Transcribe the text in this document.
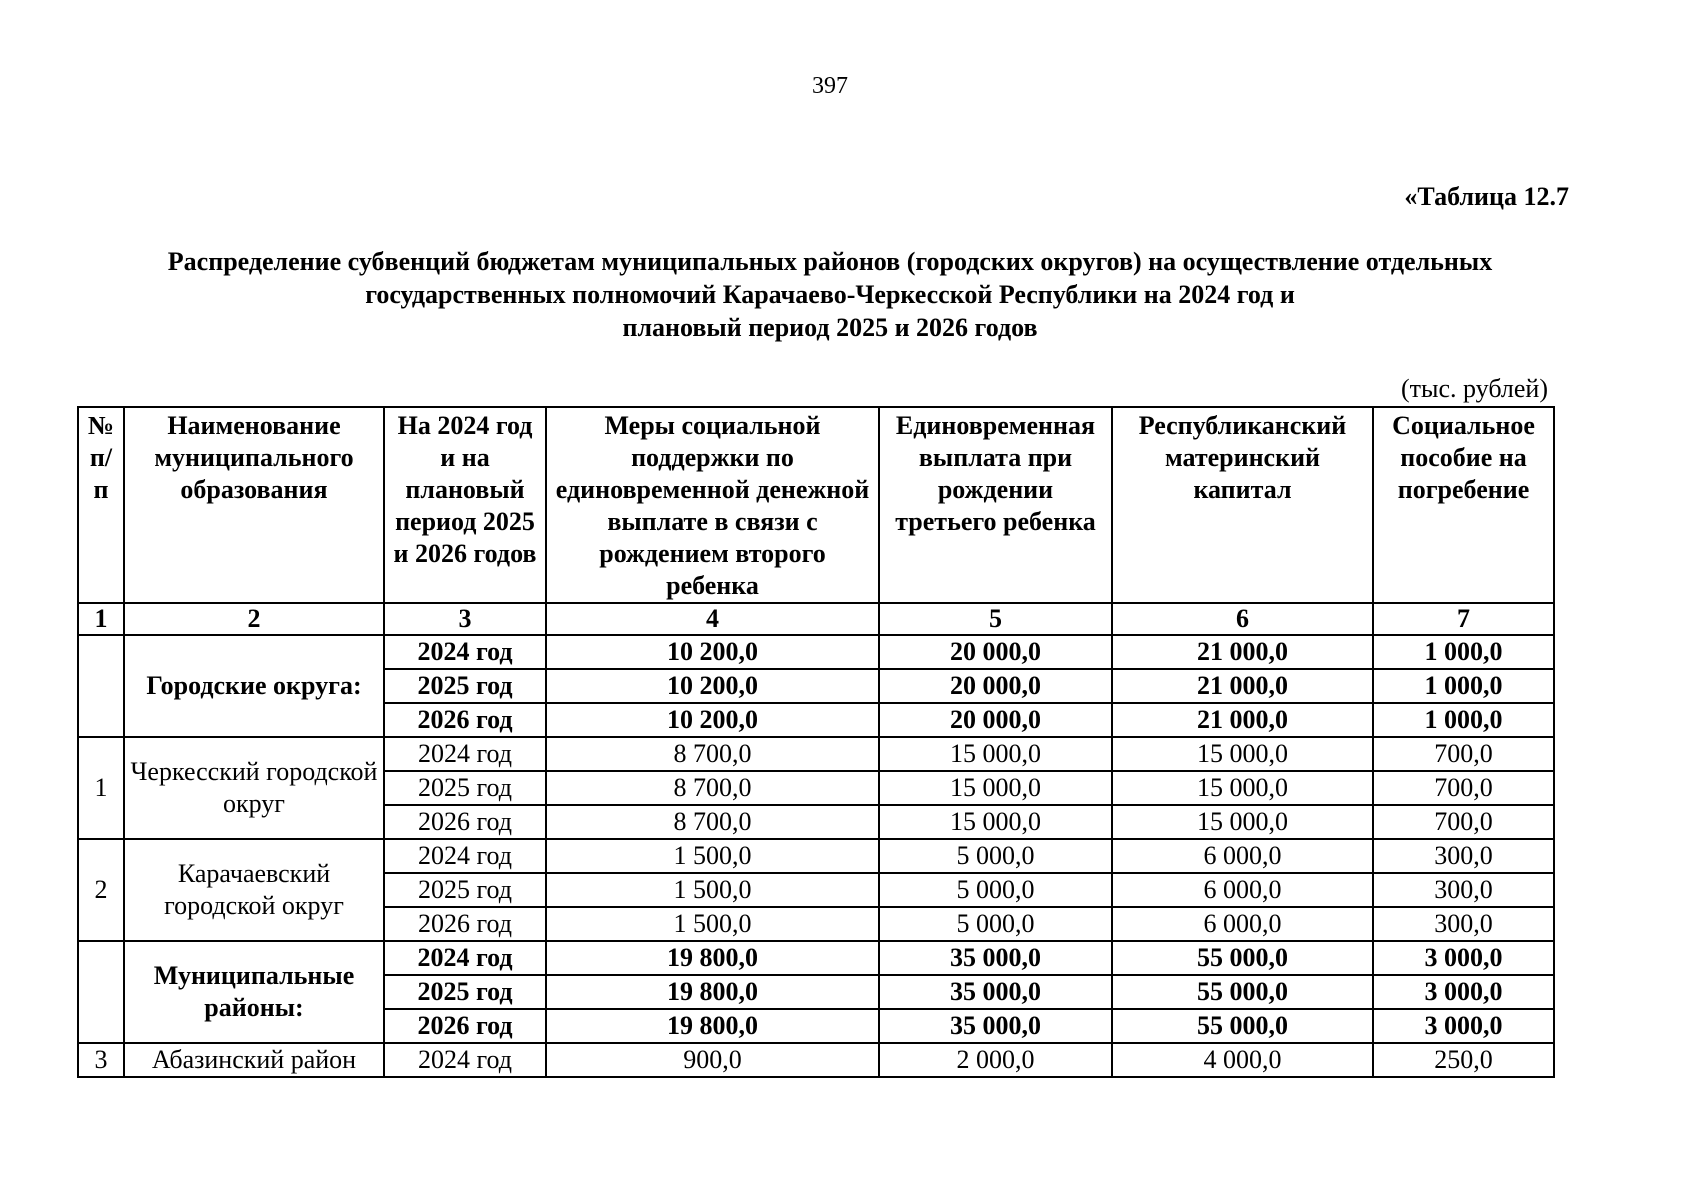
397
«Таблица 12.7
Распределение субвенций бюджетам муниципальных районов (городских округов) на осуществление отдельных
государственных полномочий Карачаево-Черкесской Республики на 2024 год и
плановый период 2025 и 2026 годов
(тыс. рублей)
№ п/п	Наименование муниципального образования	На 2024 год и на плановый период 2025 и 2026 годов	Меры социальной поддержки по единовременной денежной выплате в связи с рождением второго ребенка	Единовременная выплата при рождении третьего ребенка	Республиканский материнский капитал	Социальное пособие на погребение
1	2	3	4	5	6	7
	Городские округа:	2024 год	10 200,0	20 000,0	21 000,0	1 000,0
		2025 год	10 200,0	20 000,0	21 000,0	1 000,0
		2026 год	10 200,0	20 000,0	21 000,0	1 000,0
1	Черкесский городской округ	2024 год	8 700,0	15 000,0	15 000,0	700,0
		2025 год	8 700,0	15 000,0	15 000,0	700,0
		2026 год	8 700,0	15 000,0	15 000,0	700,0
2	Карачаевский городской округ	2024 год	1 500,0	5 000,0	6 000,0	300,0
		2025 год	1 500,0	5 000,0	6 000,0	300,0
		2026 год	1 500,0	5 000,0	6 000,0	300,0
	Муниципальные районы:	2024 год	19 800,0	35 000,0	55 000,0	3 000,0
		2025 год	19 800,0	35 000,0	55 000,0	3 000,0
		2026 год	19 800,0	35 000,0	55 000,0	3 000,0
3	Абазинский район	2024 год	900,0	2 000,0	4 000,0	250,0
